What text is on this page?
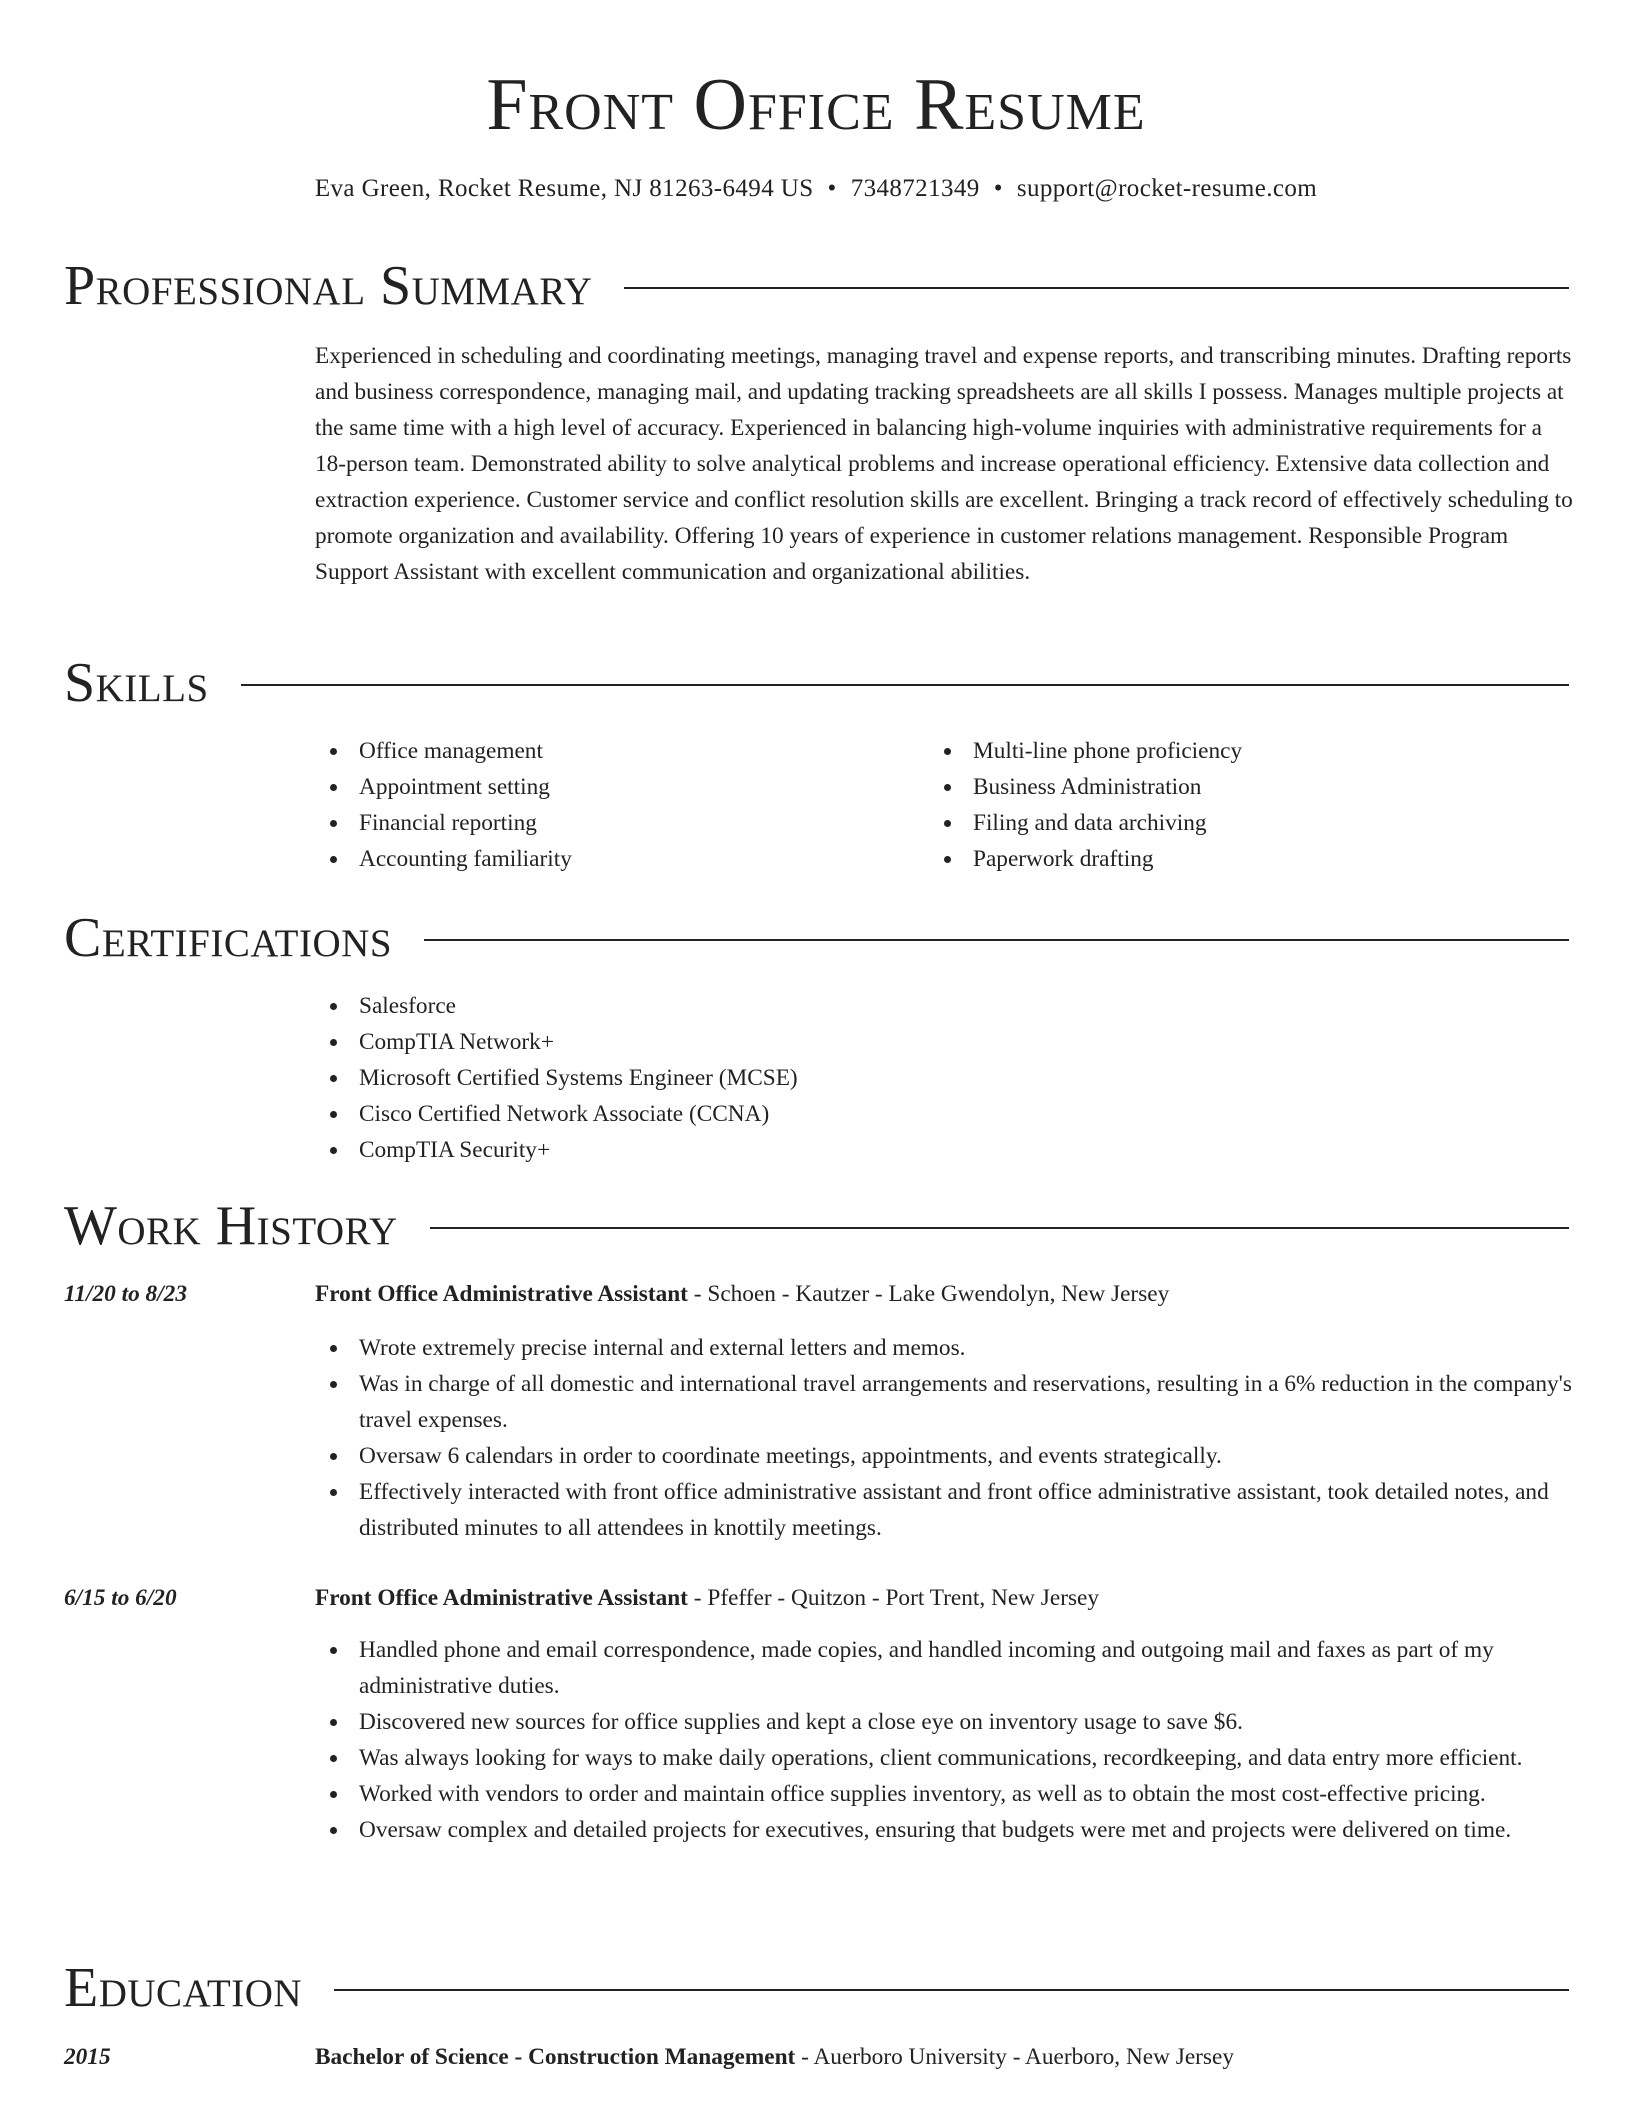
Front Office Resume
Eva Green, Rocket Resume, NJ 81263-6494 US • 7348721349 • support@rocket-resume.com
Professional Summary
Experienced in scheduling and coordinating meetings, managing travel and expense reports, and transcribing minutes. Drafting reports and business correspondence, managing mail, and updating tracking spreadsheets are all skills I possess. Manages multiple projects at the same time with a high level of accuracy. Experienced in balancing high-volume inquiries with administrative requirements for a 18-person team. Demonstrated ability to solve analytical problems and increase operational efficiency. Extensive data collection and extraction experience. Customer service and conflict resolution skills are excellent. Bringing a track record of effectively scheduling to promote organization and availability. Offering 10 years of experience in customer relations management. Responsible Program Support Assistant with excellent communication and organizational abilities.
Skills
Office management
Appointment setting
Financial reporting
Accounting familiarity
Multi-line phone proficiency
Business Administration
Filing and data archiving
Paperwork drafting
Certifications
Salesforce
CompTIA Network+
Microsoft Certified Systems Engineer (MCSE)
Cisco Certified Network Associate (CCNA)
CompTIA Security+
Work History
11/20 to 8/23	Front Office Administrative Assistant - Schoen - Kautzer - Lake Gwendolyn, New Jersey
Wrote extremely precise internal and external letters and memos.
Was in charge of all domestic and international travel arrangements and reservations, resulting in a 6% reduction in the company's travel expenses.
Oversaw 6 calendars in order to coordinate meetings, appointments, and events strategically.
Effectively interacted with front office administrative assistant and front office administrative assistant, took detailed notes, and distributed minutes to all attendees in knottily meetings.
6/15 to 6/20	Front Office Administrative Assistant - Pfeffer - Quitzon - Port Trent, New Jersey
Handled phone and email correspondence, made copies, and handled incoming and outgoing mail and faxes as part of my administrative duties.
Discovered new sources for office supplies and kept a close eye on inventory usage to save $6.
Was always looking for ways to make daily operations, client communications, recordkeeping, and data entry more efficient.
Worked with vendors to order and maintain office supplies inventory, as well as to obtain the most cost-effective pricing.
Oversaw complex and detailed projects for executives, ensuring that budgets were met and projects were delivered on time.
Education
2015	Bachelor of Science - Construction Management - Auerboro University - Auerboro, New Jersey
